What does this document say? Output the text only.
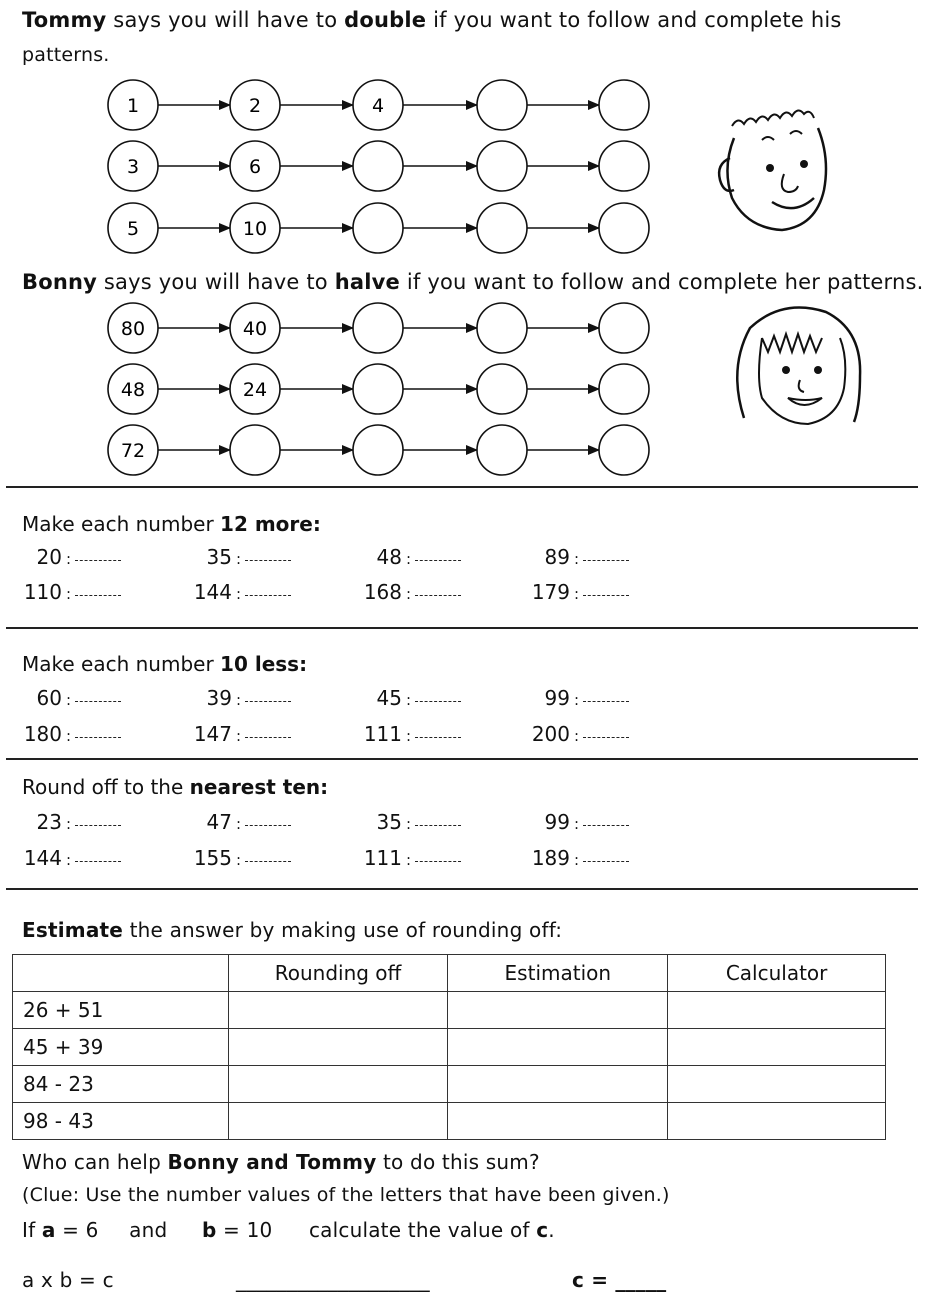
Tommy says you will have to double if you want to follow and complete his
patterns.
Bonny says you will have to halve if you want to follow and complete her patterns.
1	2	4
3	6
5	10
80	40
48	24
72
Make each number 12 more:
20 :	35 :	48 :	89 :
110 :	144 :	168 :	179 :
Make each number 10 less:
60 :	39 :	45 :	99 :
180 :	147 :	111 :	200 :
Round off to the nearest ten:
23 :	47 :	35 :	99 :
144 :	155 :	111 :	189 :
Estimate the answer by making use of rounding off:
	Rounding off	Estimation	Calculator
26 + 51			
45 + 39			
84 - 23			
98 - 43			
Who can help Bonny and Tommy to do this sum?
(Clue: Use the number values of the letters that have been given.)
If a = 6 and b = 10 calculate the value of c.
a x b = c	___________________	c = _____
